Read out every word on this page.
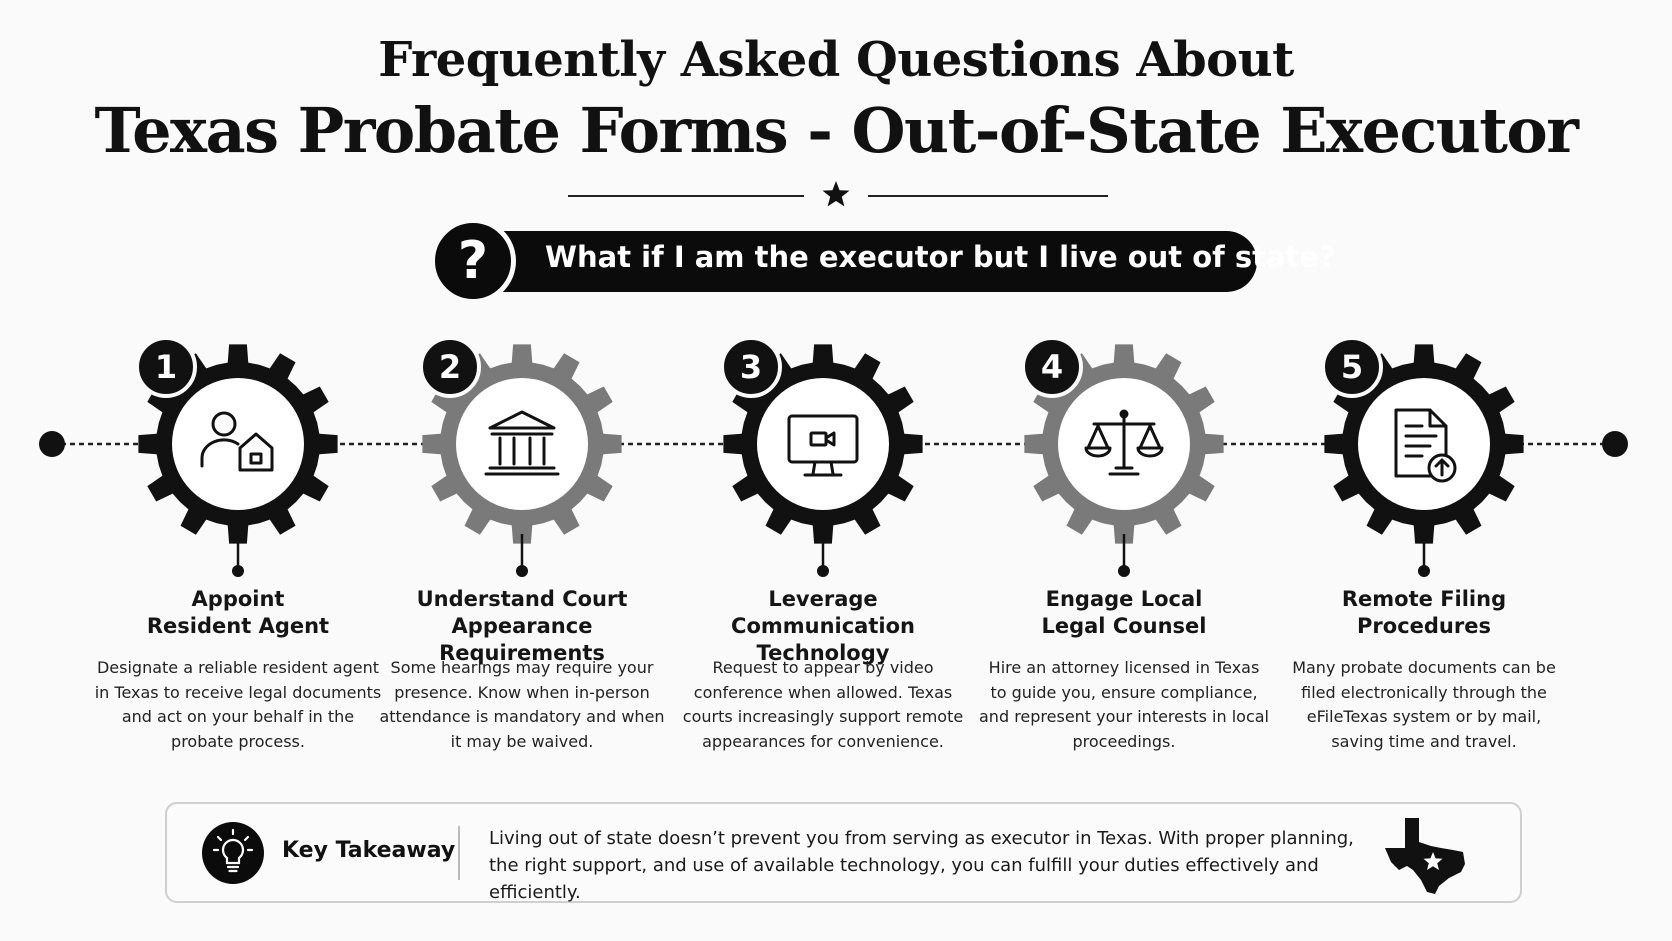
Frequently Asked Questions About
Texas Probate Forms - Out-of-State Executor
What if I am the executor but I live out of state?
?
1	2	3	4	5
Appoint
Resident Agent
Designate a reliable resident agent in Texas to receive legal documents and act on your behalf in the probate process.
Understand Court
Appearance Requirements
Some hearings may require your presence. Know when in-person attendance is mandatory and when it may be waived.
Leverage Communication
Technology
Request to appear by video conference when allowed. Texas courts increasingly support remote appearances for convenience.
Engage Local
Legal Counsel
Hire an attorney licensed in Texas to guide you, ensure compliance, and represent your interests in local proceedings.
Remote Filing
Procedures
Many probate documents can be filed electronically through the eFileTexas system or by mail, saving time and travel.
Key Takeaway Living out of state doesn’t prevent you from serving as executor in Texas. With proper planning, the right support, and use of available technology, you can fulfill your duties effectively and efficiently.
